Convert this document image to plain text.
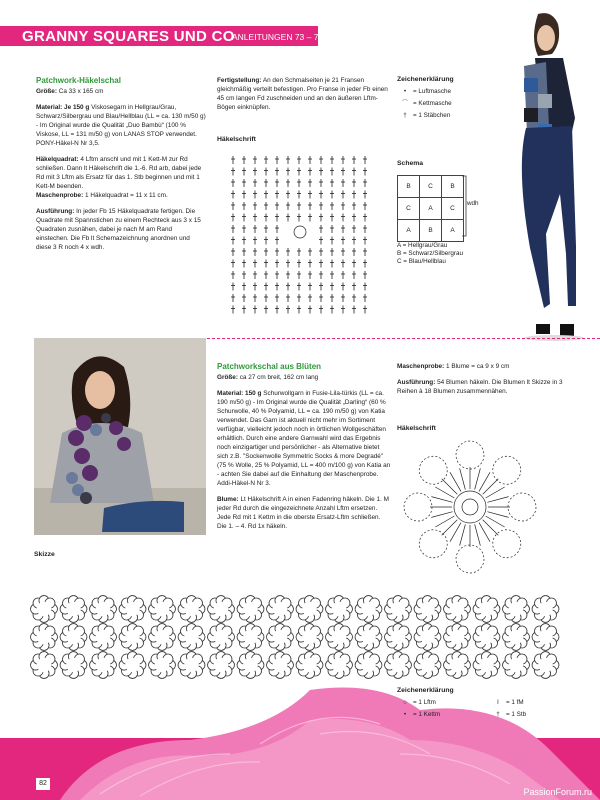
GRANNY SQUARES UND CO
ANLEITUNGEN 73 – 77
Patchwork-Häkelschal

Größe: Ca 33 x 165 cm

Material: Je 150 g Viskosegarn in Hellgrau/Grau, Schwarz/Silbergrau und Blau/Hellblau (LL = ca. 130 m/50 g) - Im Original wurde die Qualität „Duo Bambù“ (100 % Viskose, LL = 131 m/50 g) von LANAS STOP verwendet. PONY-Häkel-N Nr 3,5.

Häkelquadrat: 4 Lftm anschl und mit 1 Kett-M zur Rd schließen. Dann lt Häkelschrift die 1.-6. Rd arb, dabei jede Rd mit 3 Lftm als Ersatz für das 1. Stb beginnen und mit 1 Kett-M beenden.
Maschenprobe: 1 Häkelquadrat = 11 x 11 cm.

Ausführung: In jeder Fb 15 Häkelquadrate fertigen. Die Quadrate mit Spannstichen zu einem Rechteck aus 3 x 15 Quadraten zusnähen, dabei je nach M am Rand einstechen. Die Fb lt Schemazeichnung anordnen und diese 3 R noch 4 x wdh.

Fertigstellung: An den Schmalseiten je 21 Fransen gleichmäßig verteilt befestigen. Pro Franse in jeder Fb einen 45 cm langen Fd zuschneiden und an den äußeren Lftm-Bögen einknüpfen.

Häkelschrift
Zeichenerklärung
• = Luftmasche
⌒ = Kettmasche
† = 1 Stäbchen
Schema
B	C	B
C	A	C
A	B	A
wdh
A = Hellgrau/Grau
B = Schwarz/Silbergrau
C = Blau/Hellblau
Patchworkschal aus Blüten

Größe: ca 27 cm breit, 162 cm lang

Material: 150 g Schurwollgarn in Fusie-Lila-türkis (LL = ca. 190 m/50 g) - Im Original wurde die Qualität „Darling“ (60 % Schurwolle, 40 % Polyamid, LL = ca. 190 m/50 g) von Katia verwendet. Das Garn ist aktuell nicht mehr im Sortiment verfügbar, vielleicht jedoch noch in örtlichen Wollgeschäften erhältlich. Durch eine andere Garnwahl wird das Ergebnis noch einzigartiger und persönlicher - als Alternative bietet sich z.B. "Sockenwolle Symmetric Socks & more Degradé" (75 % Wolle, 25 % Polyamid, LL = 400 m/100 g) von Katia an - achten Sie dabei auf die Einhaltung der Maschenprobe. Addi-Häkel-N Nr 3.

Blume: Lt Häkelschrift A in einen Fadenring häkeln. Die 1. M jeder Rd durch die eingezeichnete Anzahl Lftm ersetzen. Jede Rd mit 1 Kettm in die oberste Ersatz-Lftm schließen. Die 1. – 4. Rd 1x häkeln.

Maschenprobe: 1 Blume = ca 9 x 9 cm

Ausführung: 54 Blumen häkeln. Die Blumen lt Skizze in 3 Reihen à 18 Blumen zusammennähen.

Häkelschrift
Skizze
Zeichenerklärung
○ = 1 Lftm
• = 1 Kettm
ǀ = 1 fM
† = 1 Stb
82
PassionForum.ru
